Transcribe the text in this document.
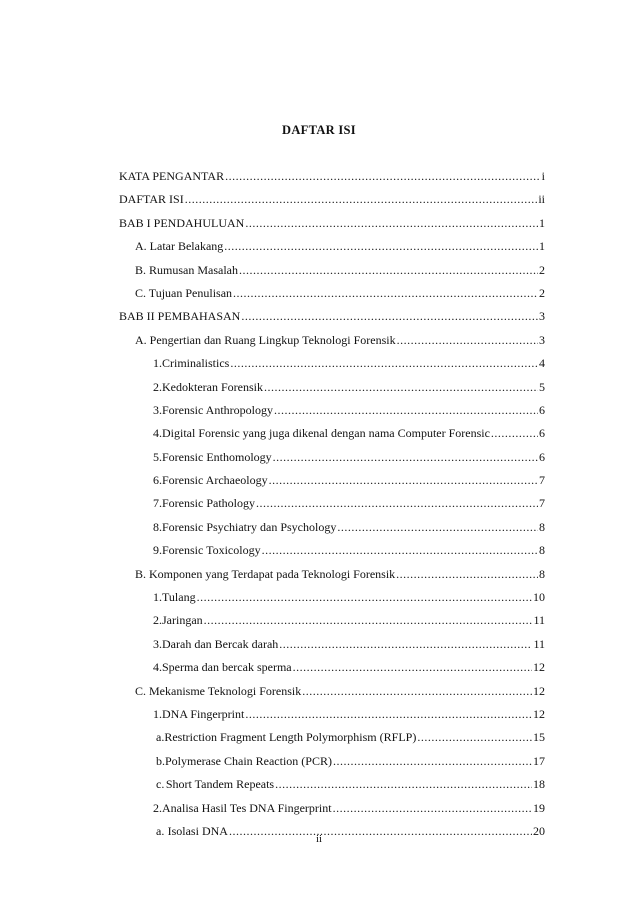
DAFTAR ISI
KATA PENGANTAR .....	i
DAFTAR ISI .....	ii
BAB I PENDAHULUAN .....	1
A. Latar Belakang .....	1
B. Rumusan Masalah .....	2
C. Tujuan Penulisan .....	2
BAB II PEMBAHASAN .....	3
A. Pengertian dan Ruang Lingkup Teknologi Forensik .....	3
1. Criminalistics .....	4
2. Kedokteran Forensik .....	5
3. Forensic Anthropology .....	6
4. Digital Forensic yang juga dikenal dengan nama Computer Forensic .....	6
5. Forensic Enthomology .....	6
6. Forensic Archaeology .....	7
7. Forensic Pathology .....	7
8. Forensic Psychiatry dan Psychology .....	8
9. Forensic Toxicology .....	8
B. Komponen yang Terdapat pada Teknologi Forensik .....	8
1. Tulang .....	10
2. Jaringan .....	11
3. Darah dan Bercak darah .....	11
4. Sperma dan bercak sperma .....	12
C. Mekanisme Teknologi Forensik .....	12
1. DNA Fingerprint .....	12
a. Restriction Fragment Length Polymorphism (RFLP) .....	15
b. Polymerase Chain Reaction (PCR) .....	17
c. Short Tandem Repeats .....	18
2. Analisa Hasil Tes DNA Fingerprint .....	19
a. Isolasi DNA .....	20
ii
